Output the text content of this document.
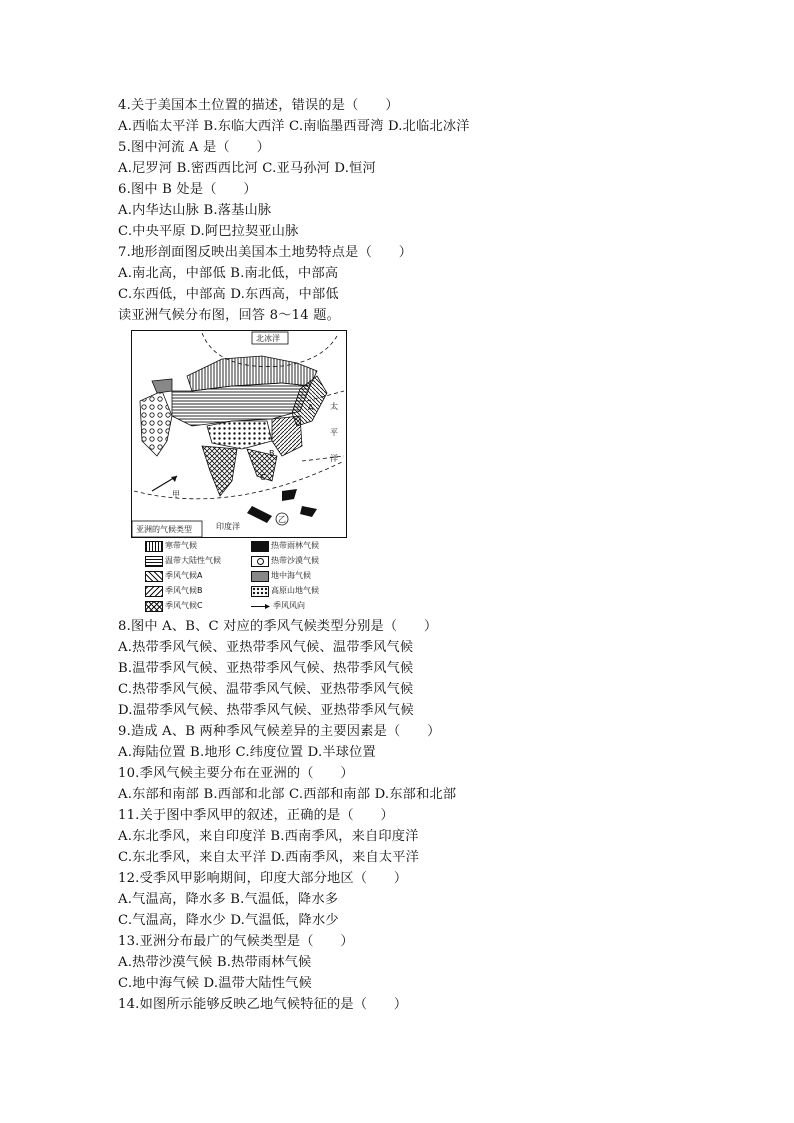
4.关于美国本土位置的描述，错误的是（　　）
A.西临太平洋 B.东临大西洋 C.南临墨西哥湾 D.北临北冰洋
5.图中河流 A 是（　　）
A.尼罗河 B.密西西比河 C.亚马孙河 D.恒河
6.图中 B 处是（　　）
A.内华达山脉 B.落基山脉
C.中央平原 D.阿巴拉契亚山脉
7.地形剖面图反映出美国本土地势特点是（　　）
A.南北高，中部低 B.南北低，中部高
C.东西低，中部高 D.东西高，中部低
读亚洲气候分布图，回答 8～14 题。
北冰洋
太
平
洋
印度洋
甲
乙
A
B
C
亚洲的气候类型
寒带气候	热带雨林气候
温带大陆性气候	热带沙漠气候
季风气候A	地中海气候
季风气候B	高原山地气候
季风气候C	季风风向
8.图中 A、B、C 对应的季风气候类型分别是（　　）
A.热带季风气候、亚热带季风气候、温带季风气候
B.温带季风气候、亚热带季风气候、热带季风气候
C.热带季风气候、温带季风气候、亚热带季风气候
D.温带季风气候、热带季风气候、亚热带季风气候
9.造成 A、B 两种季风气候差异的主要因素是（　　）
A.海陆位置 B.地形 C.纬度位置 D.半球位置
10.季风气候主要分布在亚洲的（　　）
A.东部和南部 B.西部和北部 C.西部和南部 D.东部和北部
11.关于图中季风甲的叙述，正确的是（　　）
A.东北季风，来自印度洋 B.西南季风，来自印度洋
C.东北季风，来自太平洋 D.西南季风，来自太平洋
12.受季风甲影响期间，印度大部分地区（　　）
A.气温高，降水多 B.气温低，降水多
C.气温高，降水少 D.气温低，降水少
13.亚洲分布最广的气候类型是（　　）
A.热带沙漠气候 B.热带雨林气候
C.地中海气候 D.温带大陆性气候
14.如图所示能够反映乙地气候特征的是（　　）
